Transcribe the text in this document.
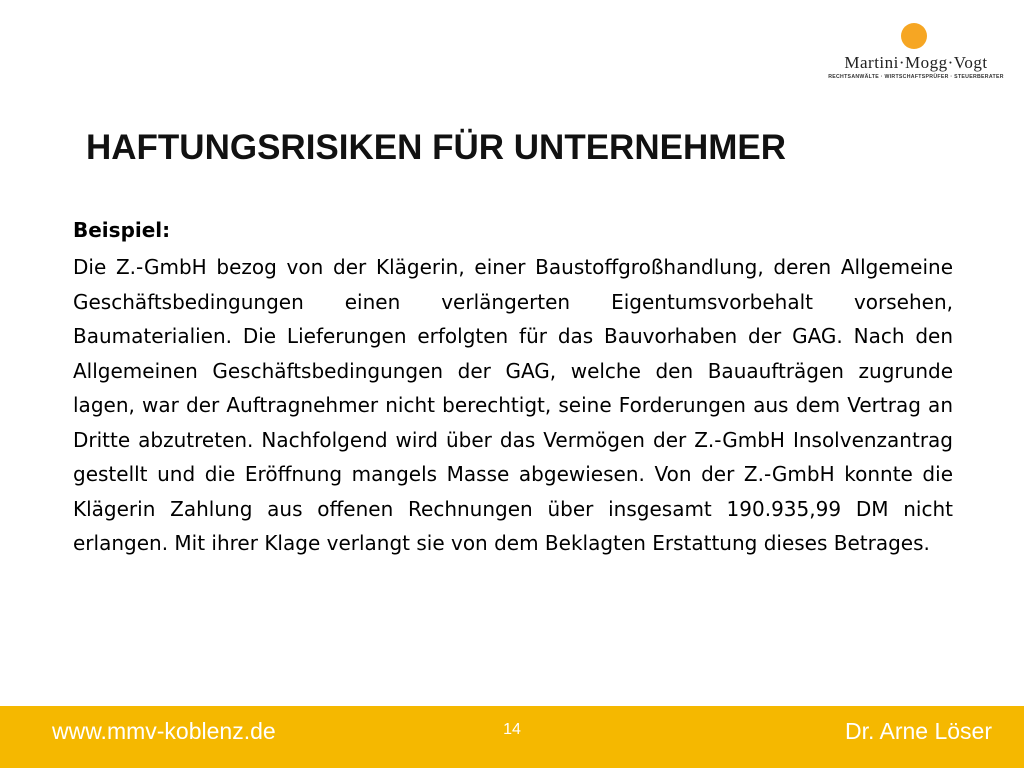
Martini·Mogg·Vogt
RECHTSANWÄLTE · WIRTSCHAFTSPRÜFER · STEUERBERATER
HAFTUNGSRISIKEN FÜR UNTERNEHMER
Beispiel:

Die Z.-GmbH bezog von der Klägerin, einer Baustoffgroßhandlung, deren Allgemeine Geschäftsbedingungen einen verlängerten Eigentumsvorbehalt vorsehen, Baumaterialien. Die Lieferungen erfolgten für das Bauvorhaben der GAG. Nach den Allgemeinen Geschäftsbedingungen der GAG, welche den Bauaufträgen zugrunde lagen, war der Auftragnehmer nicht berechtigt, seine Forderungen aus dem Vertrag an Dritte abzutreten. Nachfolgend wird über das Vermögen der Z.-GmbH Insolvenzantrag gestellt und die Eröffnung mangels Masse abgewiesen. Von der Z.-GmbH konnte die Klägerin Zahlung aus offenen Rechnungen über insgesamt 190.935,99 DM nicht erlangen. Mit ihrer Klage verlangt sie von dem Beklagten Erstattung dieses Betrages.

www.mmv-koblenz.de	14	Dr. Arne Löser
